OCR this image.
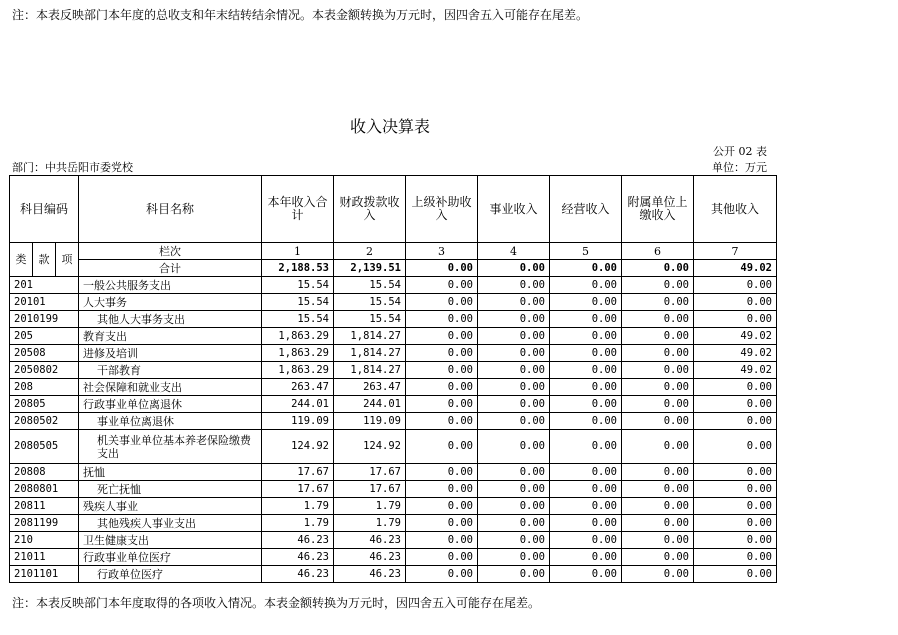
注：本表反映部门本年度的总收支和年末结转结余情况。本表金额转换为万元时，因四舍五入可能存在尾差。
收入决算表
公开 02 表
部门：中共岳阳市委党校	单位：万元
科目编码			科目名称	本年收入合计	财政拨款收入	上级补助收入	事业收入	经营收入	附属单位上缴收入	其他收入
类	款	项	栏次	1	2	3	4	5	6	7
			合计	2,188.53	2,139.51	0.00	0.00	0.00	0.00	49.02
201			一般公共服务支出	15.54	15.54	0.00	0.00	0.00	0.00	0.00
20101			人大事务	15.54	15.54	0.00	0.00	0.00	0.00	0.00
2010199			其他人大事务支出	15.54	15.54	0.00	0.00	0.00	0.00	0.00
205			教育支出	1,863.29	1,814.27	0.00	0.00	0.00	0.00	49.02
20508			进修及培训	1,863.29	1,814.27	0.00	0.00	0.00	0.00	49.02
2050802			干部教育	1,863.29	1,814.27	0.00	0.00	0.00	0.00	49.02
208			社会保障和就业支出	263.47	263.47	0.00	0.00	0.00	0.00	0.00
20805			行政事业单位离退休	244.01	244.01	0.00	0.00	0.00	0.00	0.00
2080502			事业单位离退休	119.09	119.09	0.00	0.00	0.00	0.00	0.00
2080505			机关事业单位基本养老保险缴费支出	124.92	124.92	0.00	0.00	0.00	0.00	0.00
20808			抚恤	17.67	17.67	0.00	0.00	0.00	0.00	0.00
2080801			死亡抚恤	17.67	17.67	0.00	0.00	0.00	0.00	0.00
20811			残疾人事业	1.79	1.79	0.00	0.00	0.00	0.00	0.00
2081199			其他残疾人事业支出	1.79	1.79	0.00	0.00	0.00	0.00	0.00
210			卫生健康支出	46.23	46.23	0.00	0.00	0.00	0.00	0.00
21011			行政事业单位医疗	46.23	46.23	0.00	0.00	0.00	0.00	0.00
2101101			行政单位医疗	46.23	46.23	0.00	0.00	0.00	0.00	0.00
注：本表反映部门本年度取得的各项收入情况。本表金额转换为万元时，因四舍五入可能存在尾差。
